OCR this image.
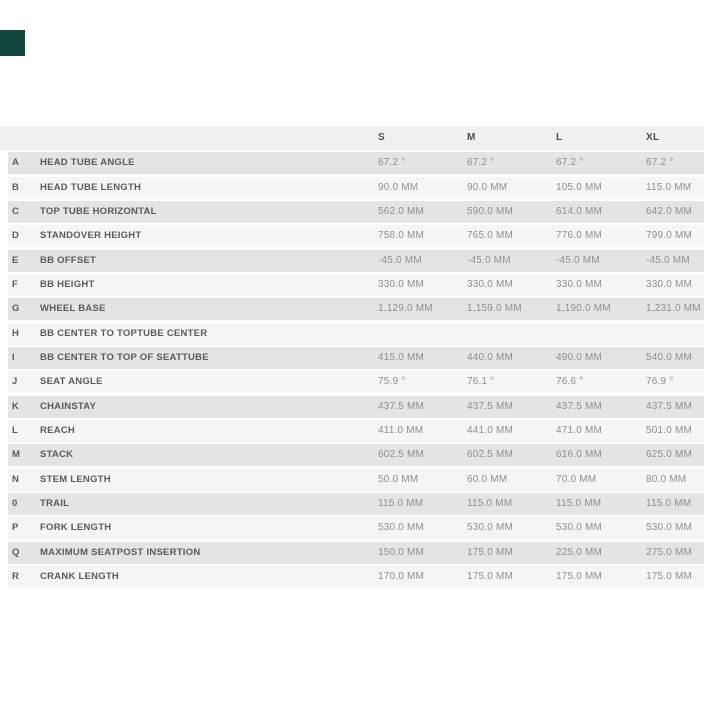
S	M	L	XL
A HEAD TUBE ANGLE	67.2 °	67.2 °	67.2 °	67.2 °
B HEAD TUBE LENGTH	90.0 MM	90.0 MM	105.0 MM	115.0 MM
C TOP TUBE HORIZONTAL	562.0 MM	590.0 MM	614.0 MM	642.0 MM
D STANDOVER HEIGHT	758.0 MM	765.0 MM	776.0 MM	799.0 MM
E BB OFFSET	-45.0 MM	-45.0 MM	-45.0 MM	-45.0 MM
F BB HEIGHT	330.0 MM	330.0 MM	330.0 MM	330.0 MM
G WHEEL BASE	1,129.0 MM	1,159.0 MM	1,190.0 MM	1,231.0 MM
H BB CENTER TO TOPTUBE CENTER
I	BB CENTER TO TOP OF SEATTUBE	415.0 MM	440.0 MM	490.0 MM	540.0 MM
J SEAT ANGLE	75.9 °	76.1 °	76.6 °	76.9 °
K CHAINSTAY	437.5 MM	437.5 MM	437.5 MM	437.5 MM
L REACH	411.0 MM	441.0 MM	471.0 MM	501.0 MM
M STACK	602.5 MM	602.5 MM	616.0 MM	625.0 MM
N STEM LENGTH	50.0 MM	60.0 MM	70.0 MM	80.0 MM
0 TRAIL	115.0 MM	115.0 MM	115.0 MM	115.0 MM
P FORK LENGTH	530.0 MM	530.0 MM	530.0 MM	530.0 MM
Q MAXIMUM SEATPOST INSERTION	150.0 MM	175.0 MM	225.0 MM	275.0 MM
R CRANK LENGTH	170.0 MM	175.0 MM	175.0 MM	175.0 MM
